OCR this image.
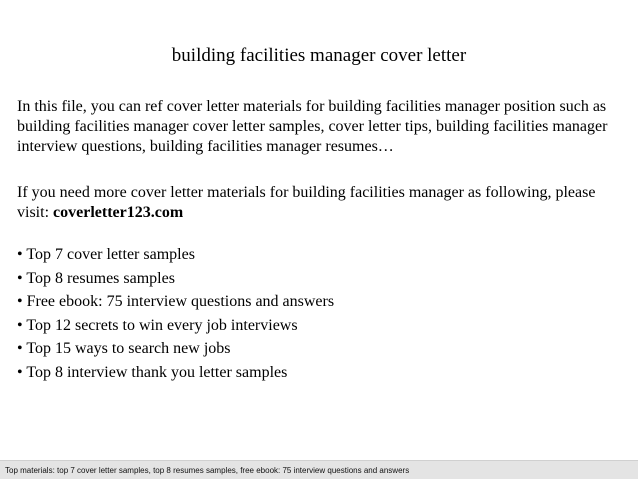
building facilities manager cover letter

In this file, you can ref cover letter materials for building facilities manager position such as building facilities manager cover letter samples, cover letter tips, building facilities manager interview questions, building facilities manager resumes…

If you need more cover letter materials for building facilities manager as following, please visit: coverletter123.com

• Top 7 cover letter samples
• Top 8 resumes samples
• Free ebook: 75 interview questions and answers
• Top 12 secrets to win every job interviews
• Top 15 ways to search new jobs
• Top 8 interview thank you letter samples
Top materials: top 7 cover letter samples, top 8 resumes samples, free ebook: 75 interview questions and answers
